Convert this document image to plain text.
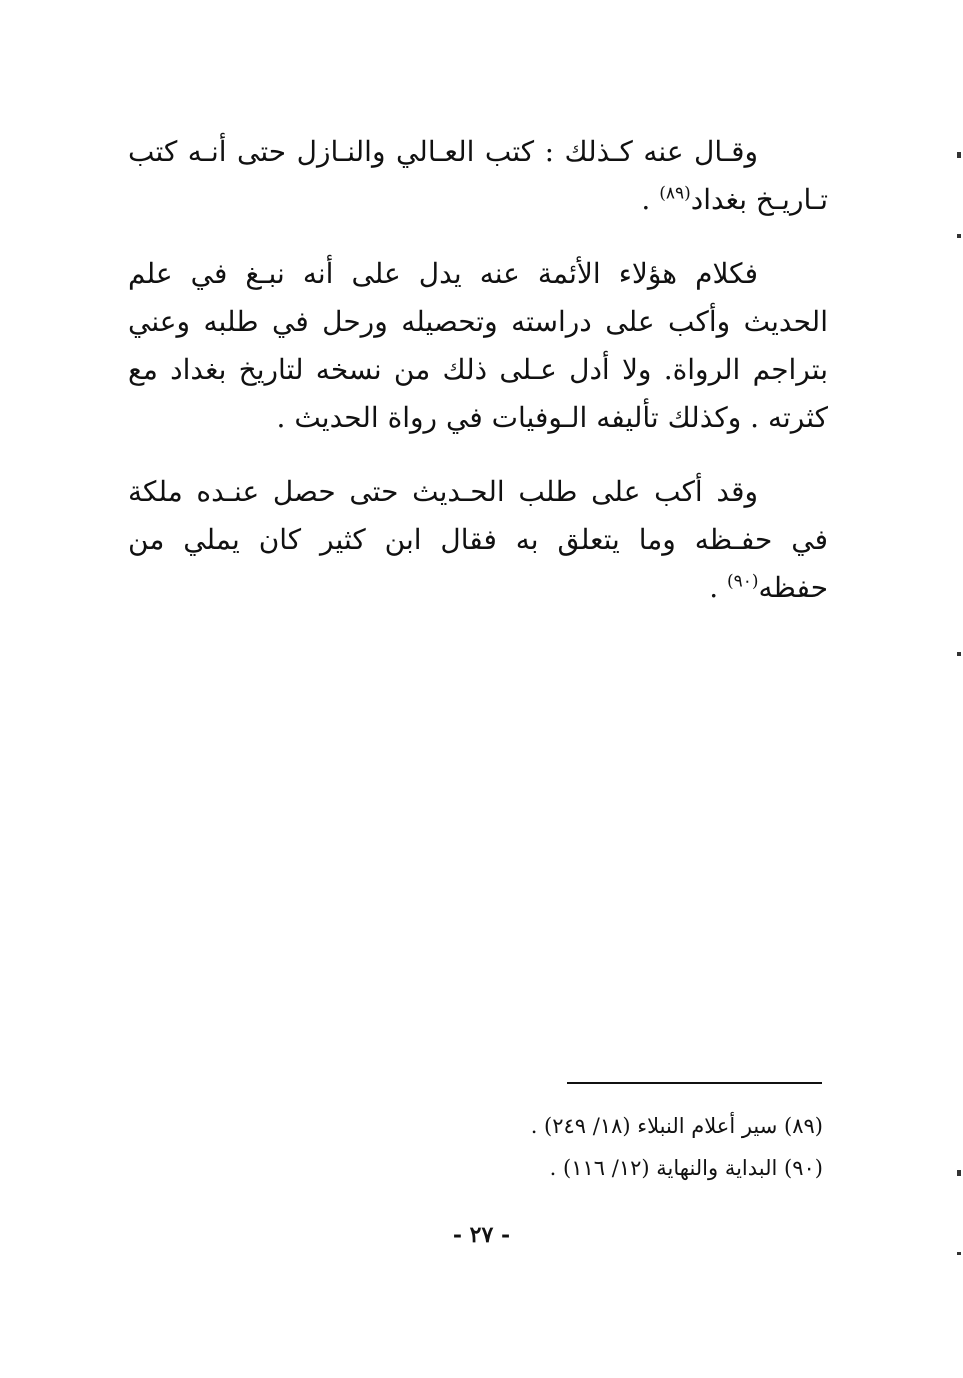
وقـال عنه كـذلك : كتب العـالي والنـازل حتى أنـه كتب تـاريـخ بغداد$^{(٨٩)}$ .

فكلام هؤلاء الأئمة عنه يدل على أنه نبـغ في علم الحديث وأكب على دراسته وتحصيله ورحل في طلبه وعني بتراجم الرواة. ولا أدل عـلى ذلك من نسخه لتاريخ بغداد مع كثرته . وكذلك تأليفه الـوفيات في رواة الحديث .

وقد أكب على طلب الحـديث حتى حصل عنـده ملكة في حفـظه وما يتعلق به فقال ابن كثير كان يملي من حفظه$^{(٩٠)}$ .

(٨٩) سير أعلام النبلاء (١٨/ ٢٤٩) .

(٩٠) البداية والنهاية (١٢/ ١١٦) .

- ٢٧ -
